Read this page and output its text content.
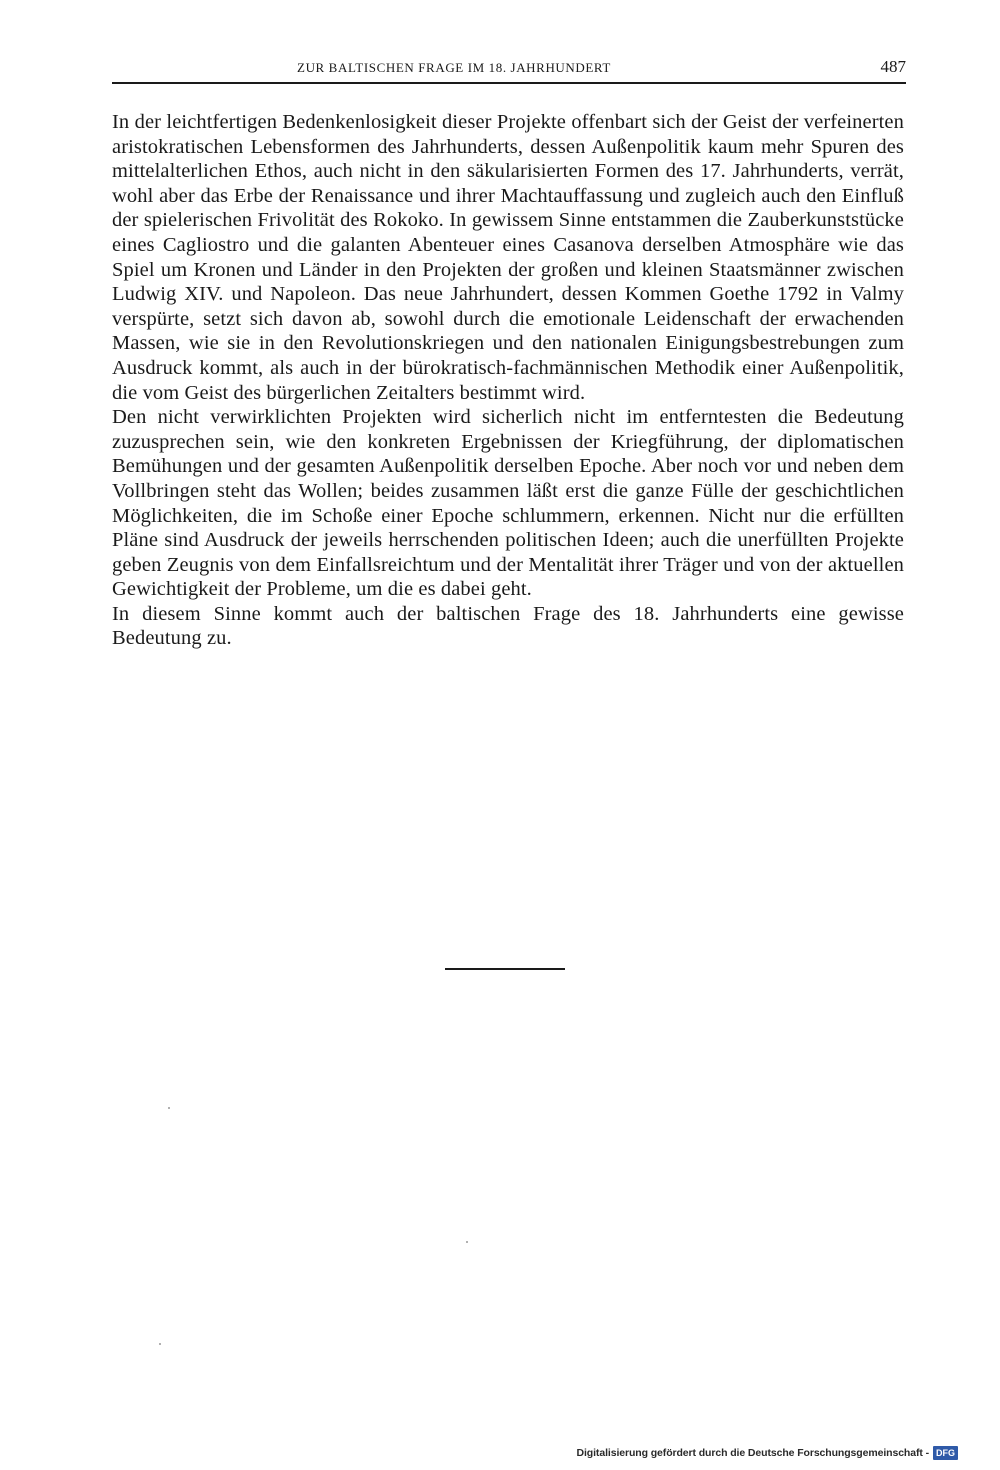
ZUR BALTISCHEN FRAGE IM 18. JAHRHUNDERT	487

In der leichtfertigen Bedenkenlosigkeit dieser Projekte offenbart sich der Geist der verfeinerten aristokratischen Lebensformen des Jahrhunderts, dessen Außenpolitik kaum mehr Spuren des mittelalterlichen Ethos, auch nicht in den säkularisierten Formen des 17. Jahrhunderts, verrät, wohl aber das Erbe der Renaissance und ihrer Machtauffassung und zugleich auch den Einfluß der spielerischen Frivolität des Rokoko. In gewissem Sinne entstammen die Zauberkunststücke eines Cagliostro und die galanten Abenteuer eines Casanova derselben Atmosphäre wie das Spiel um Kronen und Länder in den Projekten der großen und kleinen Staatsmänner zwischen Ludwig XIV. und Napoleon. Das neue Jahrhundert, dessen Kommen Goethe 1792 in Valmy verspürte, setzt sich davon ab, sowohl durch die emotionale Leidenschaft der erwachenden Massen, wie sie in den Revolutionskriegen und den nationalen Einigungsbestrebungen zum Ausdruck kommt, als auch in der bürokratisch-fachmännischen Methodik einer Außenpolitik, die vom Geist des bürgerlichen Zeitalters bestimmt wird.

Den nicht verwirklichten Projekten wird sicherlich nicht im entferntesten die Bedeutung zuzusprechen sein, wie den konkreten Ergebnissen der Kriegführung, der diplomatischen Bemühungen und der gesamten Außenpolitik derselben Epoche. Aber noch vor und neben dem Vollbringen steht das Wollen; beides zusammen läßt erst die ganze Fülle der geschichtlichen Möglichkeiten, die im Schoße einer Epoche schlummern, erkennen. Nicht nur die erfüllten Pläne sind Ausdruck der jeweils herrschenden politischen Ideen; auch die unerfüllten Projekte geben Zeugnis von dem Einfallsreichtum und der Mentalität ihrer Träger und von der aktuellen Gewichtigkeit der Probleme, um die es dabei geht.

In diesem Sinne kommt auch der baltischen Frage des 18. Jahrhunderts eine gewisse Bedeutung zu.

Digitalisierung gefördert durch die Deutsche Forschungsgemeinschaft - DFG
